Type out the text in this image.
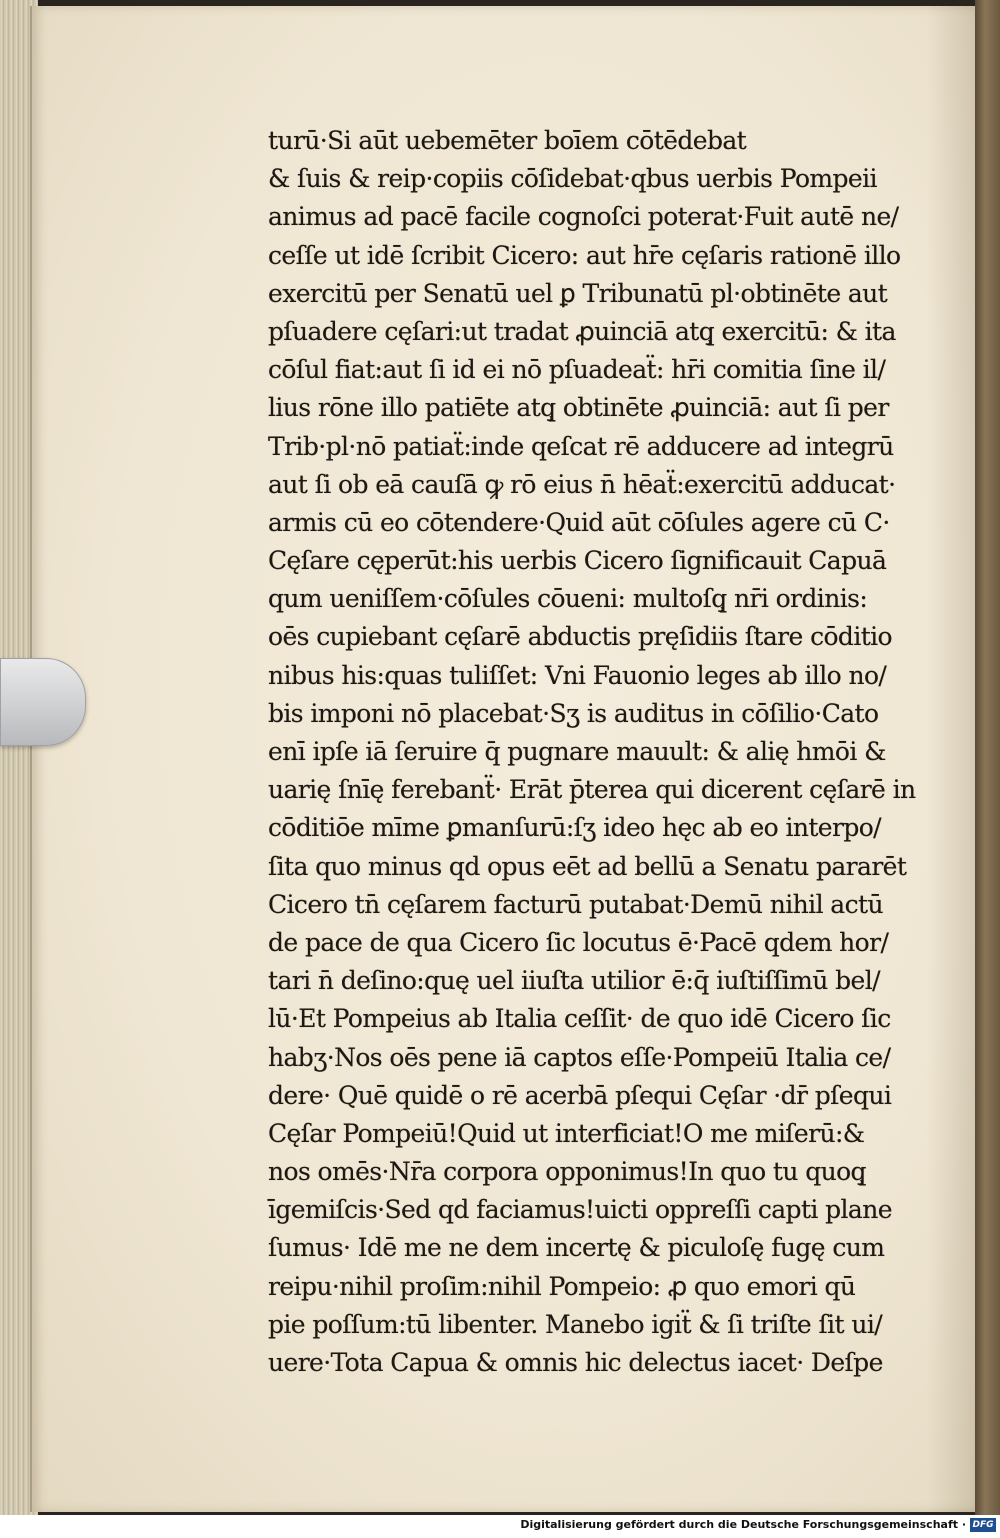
turū·Si aūt uebemēter boīem cōtēdebat
& ſuis & reip·copiis cōſidebat·qbus uerbis Pompeii
animus ad pacē facile cognoſci poterat·Fuit autē ne/
ceſſe ut idē ſcribit Cicero: aut hr̄e cęſaris rationē illo
exercitū per Senatū uel ꝑ Tribunatū pl·obtinēte aut
pſuadere cęſari:ut tradat ꝓuinciā atq̧ exercitū: & ita
cōſul fiat:aut ſi id ei nō pſuadeaẗ: hr̄i comitia ſine il/
lius rōne illo patiēte atq̧ obtinēte ꝓuinciā: aut ſi per
Trib·pl·nō patiaẗ:inde qeſcat rē adducere ad integrū
aut ſi ob eā cauſā ꝙ rō eius n̄ hēaẗ:exercitū adducat·
armis cū eo cōtendere·Quid aūt cōſules agere cū C·
Cęſare cęperūt:his uerbis Cicero ſignificauit Capuā
qum ueniſſem·cōſules cōueni: multoſq̧ nr̄i ordinis:
oēs cupiebant cęſarē abductis pręſidiis ſtare cōditio
nibus his:quas tuliſſet: Vni Fauonio leges ab illo no/
bis imponi nō placebat·Sʒ is auditus in cōſilio·Cato
enī ipſe iā ſeruire q̄ pugnare mauult: & alię hmōi &
uarię ſnīę ferebanẗ· Erāt p̄terea qui dicerent cęſarē in
cōditiōe mīme ꝑmanſurū:ſʒ ideo hęc ab eo interpo/
ſita quo minus qd opus eēt ad bellū a Senatu pararēt
Cicero tn̄ cęſarem facturū putabat·Demū nihil actū
de pace de qua Cicero ſic locutus ē·Pacē qdem hor/
tari n̄ deſino:quę uel iiuſta utilior ē:q̄ iuſtiſſimū bel/
lū·Et Pompeius ab Italia ceſſit· de quo idē Cicero ſic
habʒ·Nos oēs pene iā captos eſſe·Pompeiū Italia ce/
dere· Quē quidē o rē acerbā pſequi Cęſar ·dr̄ pſequi
Cęſar Pompeiū!Quid ut interficiat!O me miſerū:&
nos omēs·Nr̄a corpora opponimus!In quo tu quoq̧
īgemiſcis·Sed qd faciamus!uicti oppreſſi capti plane
ſumus· Idē me ne dem incertę & piculoſę fugę cum
reipu·nihil proſim:nihil Pompeio: ꝓ quo emori qū
pie poſſum:tū libenter. Manebo igiẗ & ſi triſte ſit ui/
uere·Tota Capua & omnis hic delectus iacet· Deſpe
Digitalisierung gefördert durch die Deutsche Forschungsgemeinschaft · DFG
